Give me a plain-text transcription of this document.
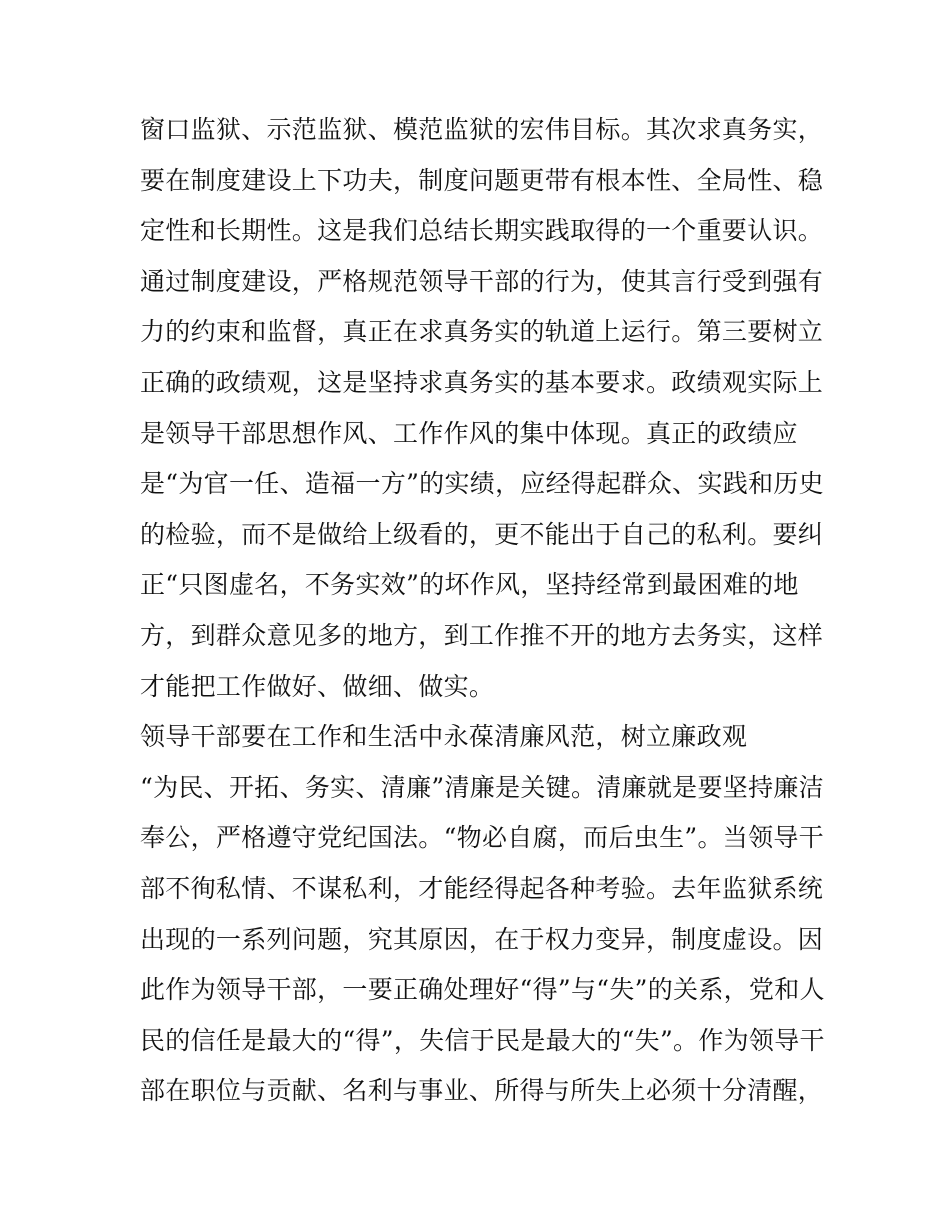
窗口监狱、示范监狱、模范监狱的宏伟目标。其次求真务实，
要在制度建设上下功夫，制度问题更带有根本性、全局性、稳
定性和长期性。这是我们总结长期实践取得的一个重要认识。
通过制度建设，严格规范领导干部的行为，使其言行受到强有
力的约束和监督，真正在求真务实的轨道上运行。第三要树立
正确的政绩观，这是坚持求真务实的基本要求。政绩观实际上
是领导干部思想作风、工作作风的集中体现。真正的政绩应
是“为官一任、造福一方”的实绩，应经得起群众、实践和历史
的检验，而不是做给上级看的，更不能出于自己的私利。要纠
正“只图虚名，不务实效”的坏作风，坚持经常到最困难的地
方，到群众意见多的地方，到工作推不开的地方去务实，这样
才能把工作做好、做细、做实。
领导干部要在工作和生活中永葆清廉风范，树立廉政观
“为民、开拓、务实、清廉”清廉是关键。清廉就是要坚持廉洁
奉公，严格遵守党纪国法。“物必自腐，而后虫生”。当领导干
部不徇私情、不谋私利，才能经得起各种考验。去年监狱系统
出现的一系列问题，究其原因，在于权力变异，制度虚设。因
此作为领导干部，一要正确处理好“得”与“失”的关系，党和人
民的信任是最大的“得”，失信于民是最大的“失”。作为领导干
部在职位与贡献、名利与事业、所得与所失上必须十分清醒，
